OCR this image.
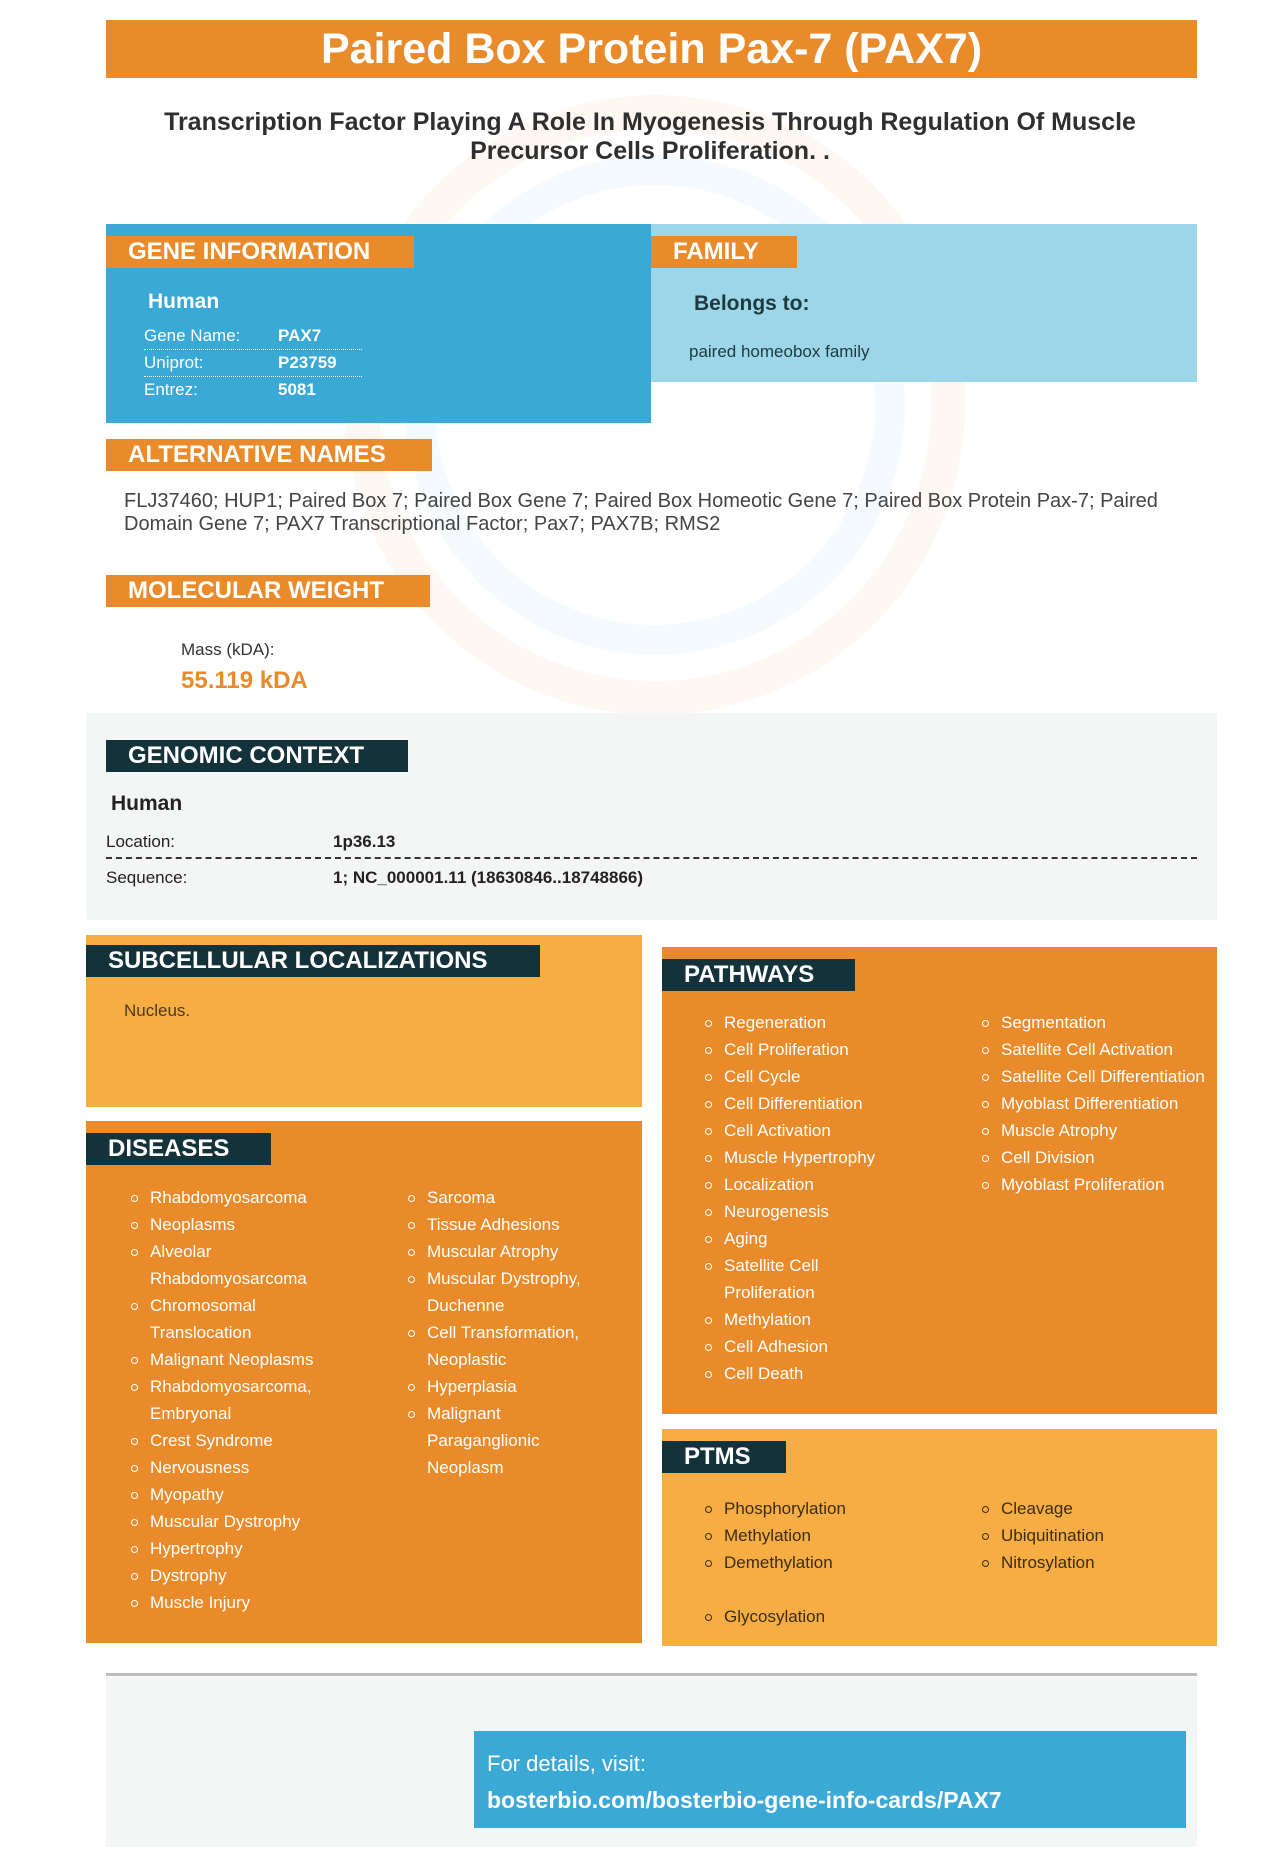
Paired Box Protein Pax-7 (PAX7)
Transcription Factor Playing A Role In Myogenesis Through Regulation Of Muscle Precursor Cells Proliferation. .
GENE INFORMATION
Human
Gene Name: PAX7
Uniprot:	P23759
Entrez:	5081
FAMILY
Belongs to:
paired homeobox family
ALTERNATIVE NAMES
FLJ37460; HUP1; Paired Box 7; Paired Box Gene 7; Paired Box Homeotic Gene 7; Paired Box Protein Pax-7; Paired Domain Gene 7; PAX7 Transcriptional Factor; Pax7; PAX7B; RMS2
MOLECULAR WEIGHT
Mass (kDA):
55.119 kDA
GENOMIC CONTEXT
Human
Location:	1p36.13
Sequence:	1; NC_000001.11 (18630846..18748866)
SUBCELLULAR LOCALIZATIONS
Nucleus.
DISEASES
Rhabdomyosarcoma
Neoplasms
Alveolar Rhabdomyosarcoma
Chromosomal Translocation
Malignant Neoplasms
Rhabdomyosarcoma, Embryonal
Crest Syndrome
Nervousness
Myopathy
Muscular Dystrophy
Hypertrophy
Dystrophy
Muscle Injury
Sarcoma
Tissue Adhesions
Muscular Atrophy
Muscular Dystrophy, Duchenne
Cell Transformation, Neoplastic
Hyperplasia
Malignant Paraganglionic Neoplasm
PATHWAYS
Regeneration
Cell Proliferation
Cell Cycle
Cell Differentiation
Cell Activation
Muscle Hypertrophy
Localization
Neurogenesis
Aging
Satellite Cell Proliferation
Methylation
Cell Adhesion
Cell Death
Segmentation
Satellite Cell Activation
Satellite Cell Differentiation
Myoblast Differentiation
Muscle Atrophy
Cell Division
Myoblast Proliferation
PTMS
Phosphorylation
Methylation
Demethylation
Cleavage
Ubiquitination
Nitrosylation
Glycosylation
For details, visit:
bosterbio.com/bosterbio-gene-info-cards/PAX7
